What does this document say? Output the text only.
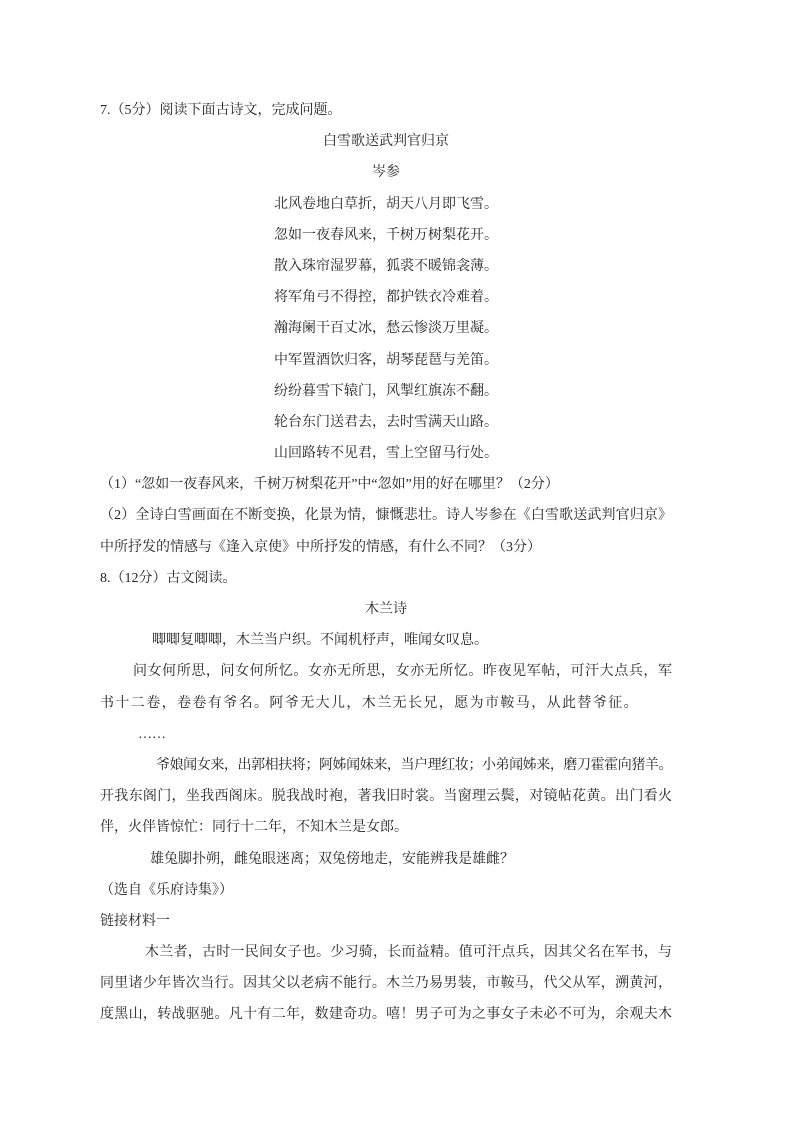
7.（5分）阅读下面古诗文，完成问题。
白雪歌送武判官归京
岑参
北风卷地白草折，胡天八月即飞雪。
忽如一夜春风来，千树万树梨花开。
散入珠帘湿罗幕，狐裘不暖锦衾薄。
将军角弓不得控，都护铁衣冷难着。
瀚海阑干百丈冰，愁云惨淡万里凝。
中军置酒饮归客，胡琴琵琶与羌笛。
纷纷暮雪下辕门，风掣红旗冻不翻。
轮台东门送君去，去时雪满天山路。
山回路转不见君，雪上空留马行处。
（1）“忽如一夜春风来，千树万树梨花开”中“忽如”用的好在哪里？（2分）
（2）全诗白雪画面在不断变换，化景为情，慷慨悲壮。诗人岑参在《白雪歌送武判官归京》
中所抒发的情感与《逢入京使》中所抒发的情感，有什么不同？（3分）
8.（12分）古文阅读。
木兰诗
唧唧复唧唧，木兰当户织。不闻机杼声，唯闻女叹息。
问女何所思，问女何所忆。女亦无所思，女亦无所忆。昨夜见军帖，可汗大点兵，军
书十二卷，卷卷有爷名。阿爷无大儿，木兰无长兄，愿为市鞍马，从此替爷征。
……
爷娘闻女来，出郭相扶将；阿姊闻妹来，当户理红妆；小弟闻姊来，磨刀霍霍向猪羊。
开我东阁门，坐我西阁床。脱我战时袍，著我旧时裳。当窗理云鬓，对镜帖花黄。出门看火
伴，火伴皆惊忙：同行十二年，不知木兰是女郎。
雄兔脚扑朔，雌兔眼迷离；双兔傍地走，安能辨我是雄雌？
（选自《乐府诗集》）
链接材料一
木兰者，古时一民间女子也。少习骑，长而益精。值可汗点兵，因其父名在军书，与
同里诸少年皆次当行。因其父以老病不能行。木兰乃易男装，市鞍马，代父从军，溯黄河，
度黑山，转战驱驰。凡十有二年，数建奇功。嘻！男子可为之事女子未必不可为，余观夫木
